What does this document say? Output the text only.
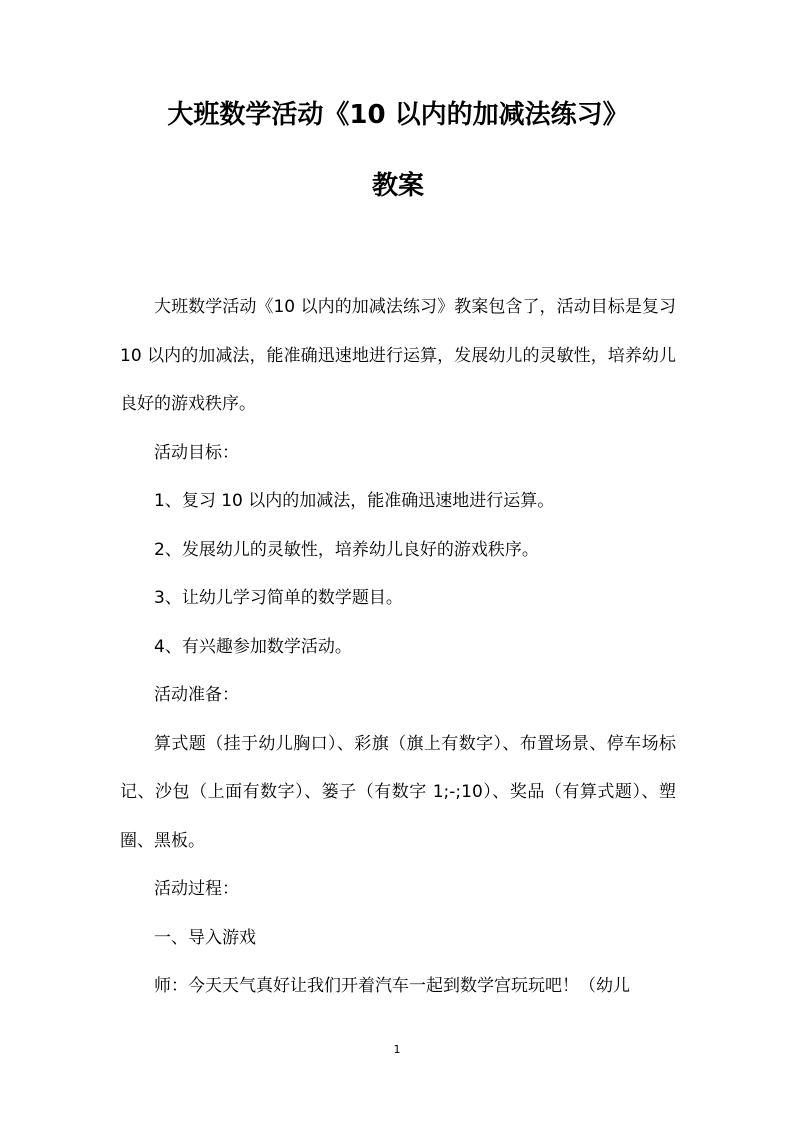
大班数学活动《10 以内的加减法练习》
教案

大班数学活动《10 以内的加减法练习》教案包含了，活动目标是复习 10 以内的加减法，能准确迅速地进行运算，发展幼儿的灵敏性，培养幼儿良好的游戏秩序。

活动目标：

1、复习 10 以内的加减法，能准确迅速地进行运算。

2、发展幼儿的灵敏性，培养幼儿良好的游戏秩序。

3、让幼儿学习简单的数学题目。

4、有兴趣参加数学活动。

活动准备：

算式题（挂于幼儿胸口）、彩旗（旗上有数字）、布置场景、停车场标记、沙包（上面有数字）、篓子（有数字 1;-;10）、奖品（有算式题）、塑圈、黑板。

活动过程：

一、导入游戏

师：今天天气真好让我们开着汽车一起到数学宫玩玩吧！（幼儿

1
